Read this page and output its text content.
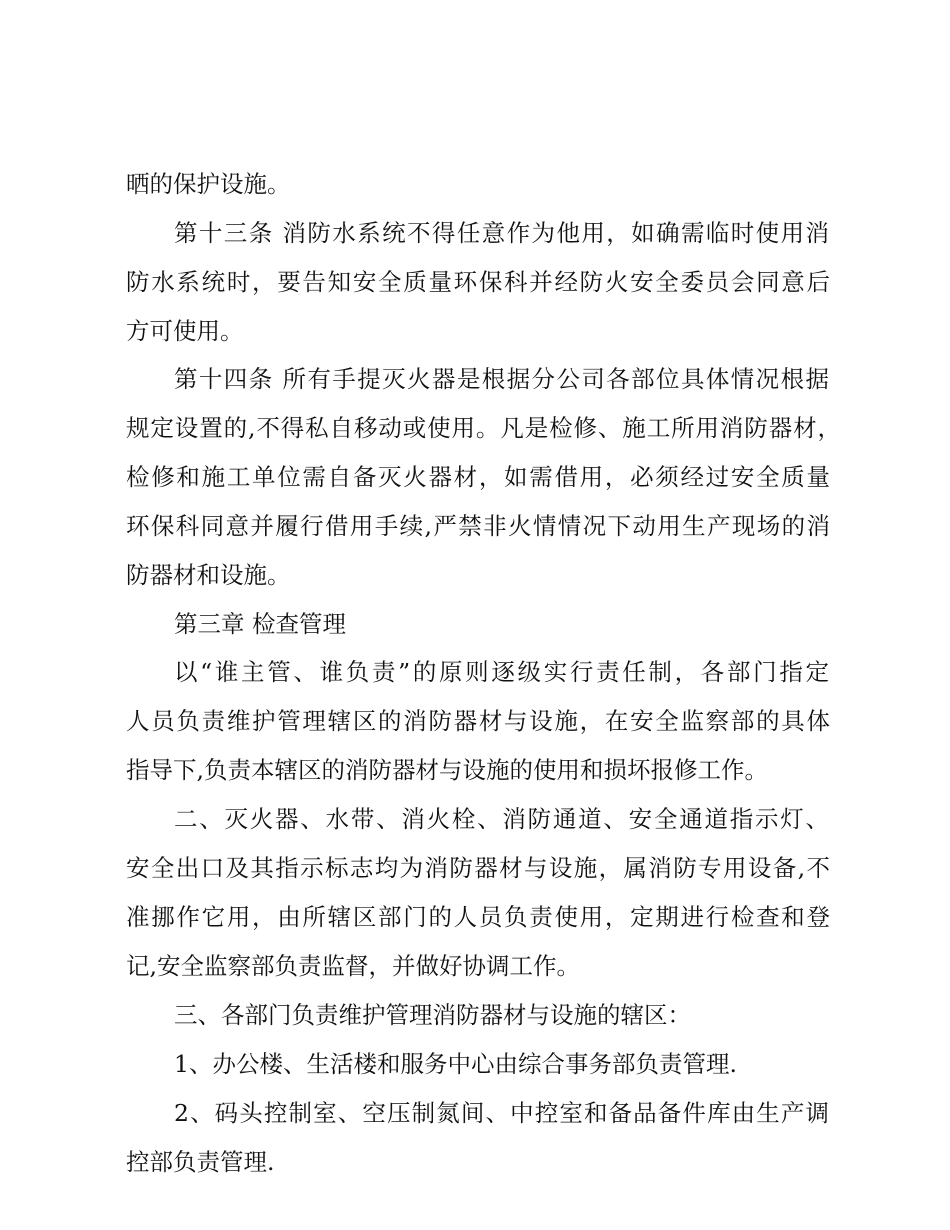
晒的保护设施。
第十三条 消防水系统不得任意作为他用，如确需临时使用消
防水系统时，要告知安全质量环保科并经防火安全委员会同意后
方可使用。
第十四条 所有手提灭火器是根据分公司各部位具体情况根据
规定设置的,不得私自移动或使用。凡是检修、施工所用消防器材，
检修和施工单位需自备灭火器材，如需借用，必须经过安全质量
环保科同意并履行借用手续,严禁非火情情况下动用生产现场的消
防器材和设施。
第三章 检查管理
以“谁主管、谁负责”的原则逐级实行责任制，各部门指定
人员负责维护管理辖区的消防器材与设施，在安全监察部的具体
指导下,负责本辖区的消防器材与设施的使用和损坏报修工作。
二、灭火器、水带、消火栓、消防通道、安全通道指示灯、
安全出口及其指示标志均为消防器材与设施，属消防专用设备,不
准挪作它用，由所辖区部门的人员负责使用，定期进行检查和登
记,安全监察部负责监督，并做好协调工作。
三、各部门负责维护管理消防器材与设施的辖区：
1、办公楼、生活楼和服务中心由综合事务部负责管理.
2、码头控制室、空压制氮间、中控室和备品备件库由生产调
控部负责管理.
